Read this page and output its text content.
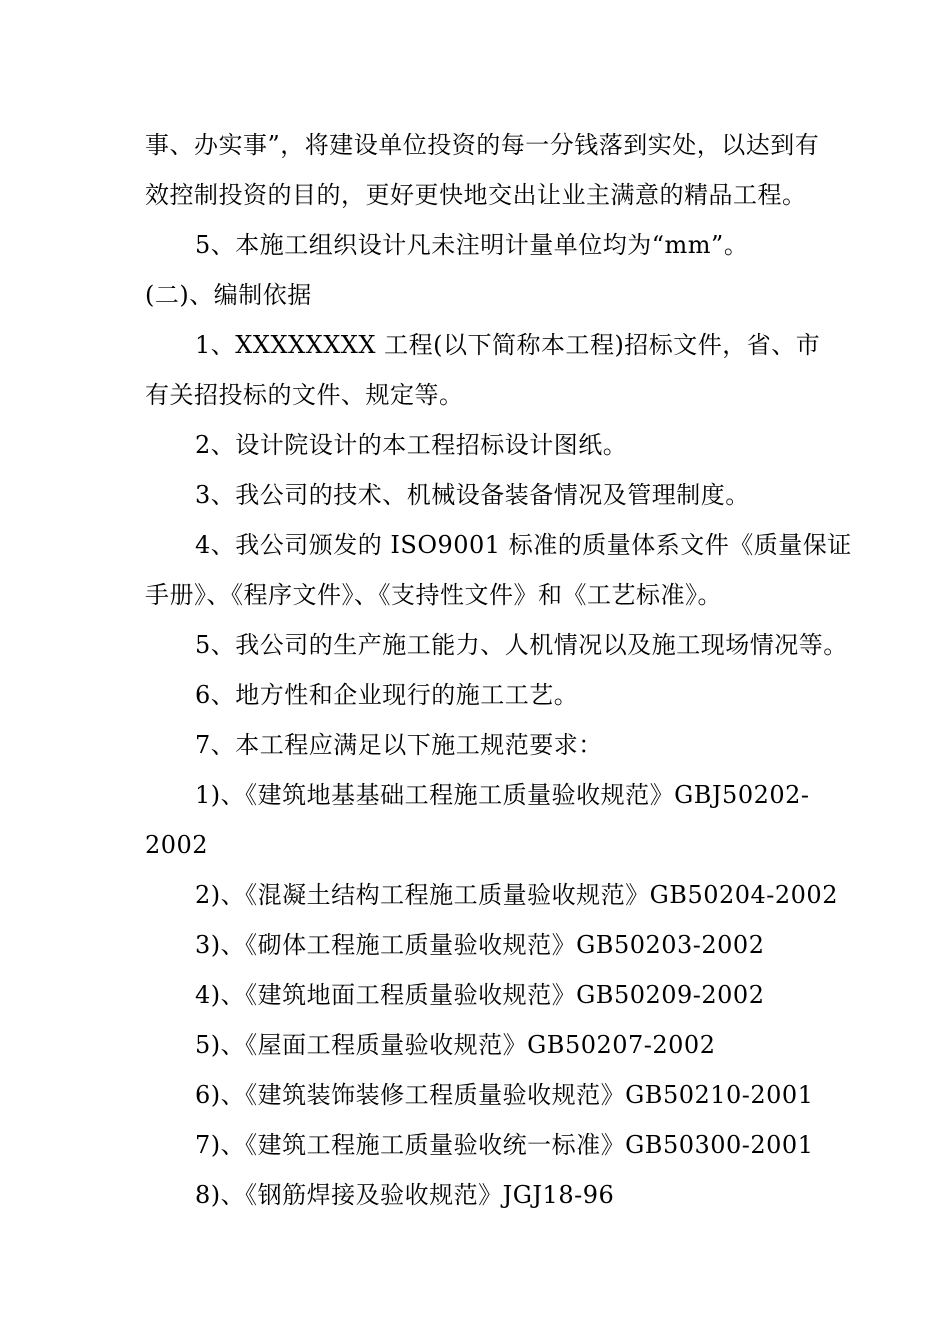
事、办实事”，将建设单位投资的每一分钱落到实处，以达到有
效控制投资的目的，更好更快地交出让业主满意的精品工程。
5、本施工组织设计凡未注明计量单位均为“mm”。
(二)、编制依据
1、XXXXXXXX 工程(以下简称本工程)招标文件，省、市
有关招投标的文件、规定等。
2、设计院设计的本工程招标设计图纸。
3、我公司的技术、机械设备装备情况及管理制度。
4、我公司颁发的 ISO9001 标准的质量体系文件《质量保证
手册》、《程序文件》、《支持性文件》和《工艺标准》。
5、我公司的生产施工能力、人机情况以及施工现场情况等。
6、地方性和企业现行的施工工艺。
7、本工程应满足以下施工规范要求：
1)、《建筑地基基础工程施工质量验收规范》GBJ50202-
2002
2)、《混凝土结构工程施工质量验收规范》GB50204-2002
3)、《砌体工程施工质量验收规范》GB50203-2002
4)、《建筑地面工程质量验收规范》GB50209-2002
5)、《屋面工程质量验收规范》GB50207-2002
6)、《建筑装饰装修工程质量验收规范》GB50210-2001
7)、《建筑工程施工质量验收统一标准》GB50300-2001
8)、《钢筋焊接及验收规范》JGJ18-96
